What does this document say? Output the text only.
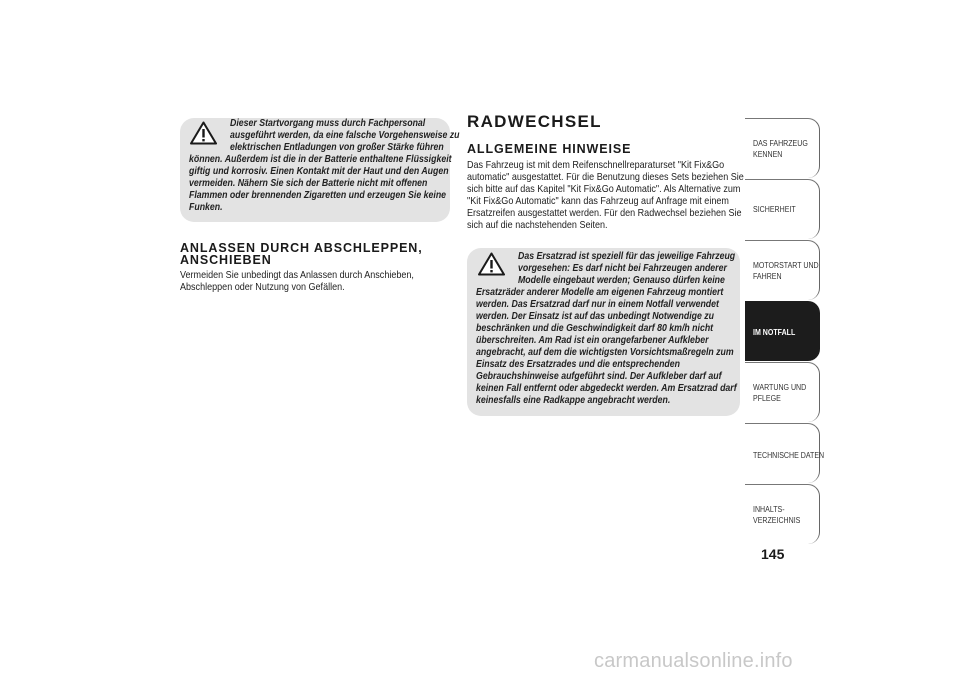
Dieser Startvorgang muss durch Fachpersonal
ausgeführt werden, da eine falsche Vorgehensweise zu
elektrischen Entladungen von großer Stärke führen
können. Außerdem ist die in der Batterie enthaltene Flüssigkeit
giftig und korrosiv. Einen Kontakt mit der Haut und den Augen
vermeiden. Nähern Sie sich der Batterie nicht mit offenen
Flammen oder brennenden Zigaretten und erzeugen Sie keine
Funken.
ANLASSEN DURCH ABSCHLEPPEN,
ANSCHIEBEN
Vermeiden Sie unbedingt das Anlassen durch Anschieben,
Abschleppen oder Nutzung von Gefällen.
RADWECHSEL
ALLGEMEINE HINWEISE
Das Fahrzeug ist mit dem Reifenschnellreparaturset "Kit Fix&Go
automatic" ausgestattet. Für die Benutzung dieses Sets beziehen Sie
sich bitte auf das Kapitel "Kit Fix&Go Automatic". Als Alternative zum
"Kit Fix&Go Automatic" kann das Fahrzeug auf Anfrage mit einem
Ersatzreifen ausgestattet werden. Für den Radwechsel beziehen Sie
sich auf die nachstehenden Seiten.
Das Ersatzrad ist speziell für das jeweilige Fahrzeug
vorgesehen: Es darf nicht bei Fahrzeugen anderer
Modelle eingebaut werden; Genauso dürfen keine
Ersatzräder anderer Modelle am eigenen Fahrzeug montiert
werden. Das Ersatzrad darf nur in einem Notfall verwendet
werden. Der Einsatz ist auf das unbedingt Notwendige zu
beschränken und die Geschwindigkeit darf 80 km/h nicht
überschreiten. Am Rad ist ein orangefarbener Aufkleber
angebracht, auf dem die wichtigsten Vorsichtsmaßregeln zum
Einsatz des Ersatzrades und die entsprechenden
Gebrauchshinweise aufgeführt sind. Der Aufkleber darf auf
keinen Fall entfernt oder abgedeckt werden. Am Ersatzrad darf
keinesfalls eine Radkappe angebracht werden.
DAS FAHRZEUG
KENNEN
SICHERHEIT
MOTORSTART UND
FAHREN
IM NOTFALL
WARTUNG UND
PFLEGE
TECHNISCHE DATEN
INHALTS-
VERZEICHNIS
145
carmanualsonline.info
